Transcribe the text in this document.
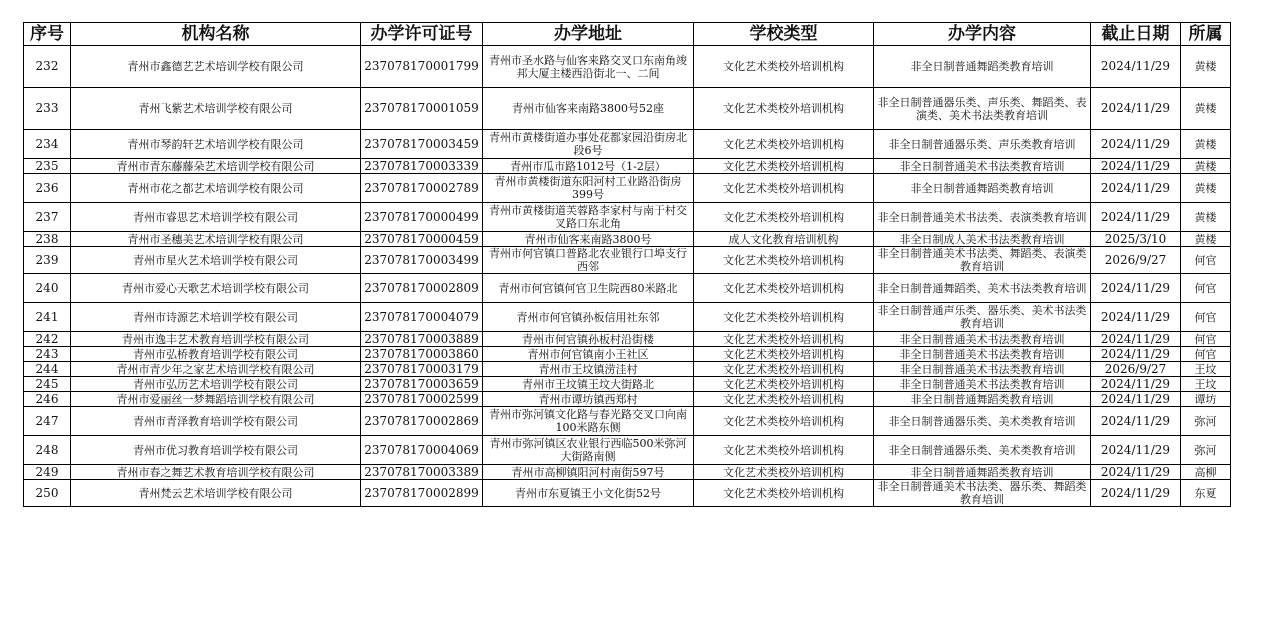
序号	机构名称	办学许可证号	办学地址	学校类型	办学内容	截止日期	所属
232	青州市鑫德艺艺术培训学校有限公司	237078170001799	青州市圣水路与仙客来路交叉口东南角竣邦大厦主楼西沿街北一、二间	文化艺术类校外培训机构	非全日制普通舞蹈类教育培训	2024/11/29	黄楼
233	青州飞紫艺术培训学校有限公司	237078170001059	青州市仙客来南路3800号52座	文化艺术类校外培训机构	非全日制普通器乐类、声乐类、舞蹈类、表演类、美术书法类教育培训	2024/11/29	黄楼
234	青州市琴韵轩艺术培训学校有限公司	237078170003459	青州市黄楼街道办事处花都家园沿街房北段6号	文化艺术类校外培训机构	非全日制普通器乐类、声乐类教育培训	2024/11/29	黄楼
235	青州市青东藤藤朵艺术培训学校有限公司	237078170003339	青州市瓜市路1012号（1-2层）	文化艺术类校外培训机构	非全日制普通美术书法类教育培训	2024/11/29	黄楼
236	青州市花之都艺术培训学校有限公司	237078170002789	青州市黄楼街道东阳河村工业路沿街房399号	文化艺术类校外培训机构	非全日制普通舞蹈类教育培训	2024/11/29	黄楼
237	青州市睿思艺术培训学校有限公司	237078170000499	青州市黄楼街道芙蓉路李家村与南于村交叉路口东北角	文化艺术类校外培训机构	非全日制普通美术书法类、表演类教育培训	2024/11/29	黄楼
238	青州市圣穗美艺术培训学校有限公司	237078170000459	青州市仙客来南路3800号	成人文化教育培训机构	非全日制成人美术书法类教育培训	2025/3/10	黄楼
239	青州市星火艺术培训学校有限公司	237078170003499	青州市何官镇口普路北农业银行口埠支行西邻	文化艺术类校外培训机构	非全日制普通美术书法类、舞蹈类、表演类教育培训	2026/9/27	何官
240	青州市爱心天歌艺术培训学校有限公司	237078170002809	青州市何官镇何官卫生院西80米路北	文化艺术类校外培训机构	非全日制普通舞蹈类、美术书法类教育培训	2024/11/29	何官
241	青州市诗源艺术培训学校有限公司	237078170004079	青州市何官镇孙板信用社东邻	文化艺术类校外培训机构	非全日制普通声乐类、器乐类、美术书法类教育培训	2024/11/29	何官
242	青州市逸丰艺术教育培训学校有限公司	237078170003889	青州市何官镇孙板村沿街楼	文化艺术类校外培训机构	非全日制普通美术书法类教育培训	2024/11/29	何官
243	青州市弘桥教育培训学校有限公司	237078170003860	青州市何官镇南小王社区	文化艺术类校外培训机构	非全日制普通美术书法类教育培训	2024/11/29	何官
244	青州市青少年之家艺术培训学校有限公司	237078170003179	青州市王坟镇涝洼村	文化艺术类校外培训机构	非全日制普通美术书法类教育培训	2026/9/27	王坟
245	青州市弘历艺术培训学校有限公司	237078170003659	青州市王坟镇王坟大街路北	文化艺术类校外培训机构	非全日制普通美术书法类教育培训	2024/11/29	王坟
246	青州市爱丽丝一梦舞蹈培训学校有限公司	237078170002599	青州市谭坊镇西郑村	文化艺术类校外培训机构	非全日制普通舞蹈类教育培训	2024/11/29	谭坊
247	青州市青泽教育培训学校有限公司	237078170002869	青州市弥河镇文化路与春光路交叉口向南100米路东侧	文化艺术类校外培训机构	非全日制普通器乐类、美术类教育培训	2024/11/29	弥河
248	青州市优习教育培训学校有限公司	237078170004069	青州市弥河镇区农业银行西临500米弥河大街路南侧	文化艺术类校外培训机构	非全日制普通器乐类、美术类教育培训	2024/11/29	弥河
249	青州市春之舞艺术教育培训学校有限公司	237078170003389	青州市高柳镇阳河村南街597号	文化艺术类校外培训机构	非全日制普通舞蹈类教育培训	2024/11/29	高柳
250	青州梵云艺术培训学校有限公司	237078170002899	青州市东夏镇王小文化街52号	文化艺术类校外培训机构	非全日制普通美术书法类、器乐类、舞蹈类教育培训	2024/11/29	东夏
